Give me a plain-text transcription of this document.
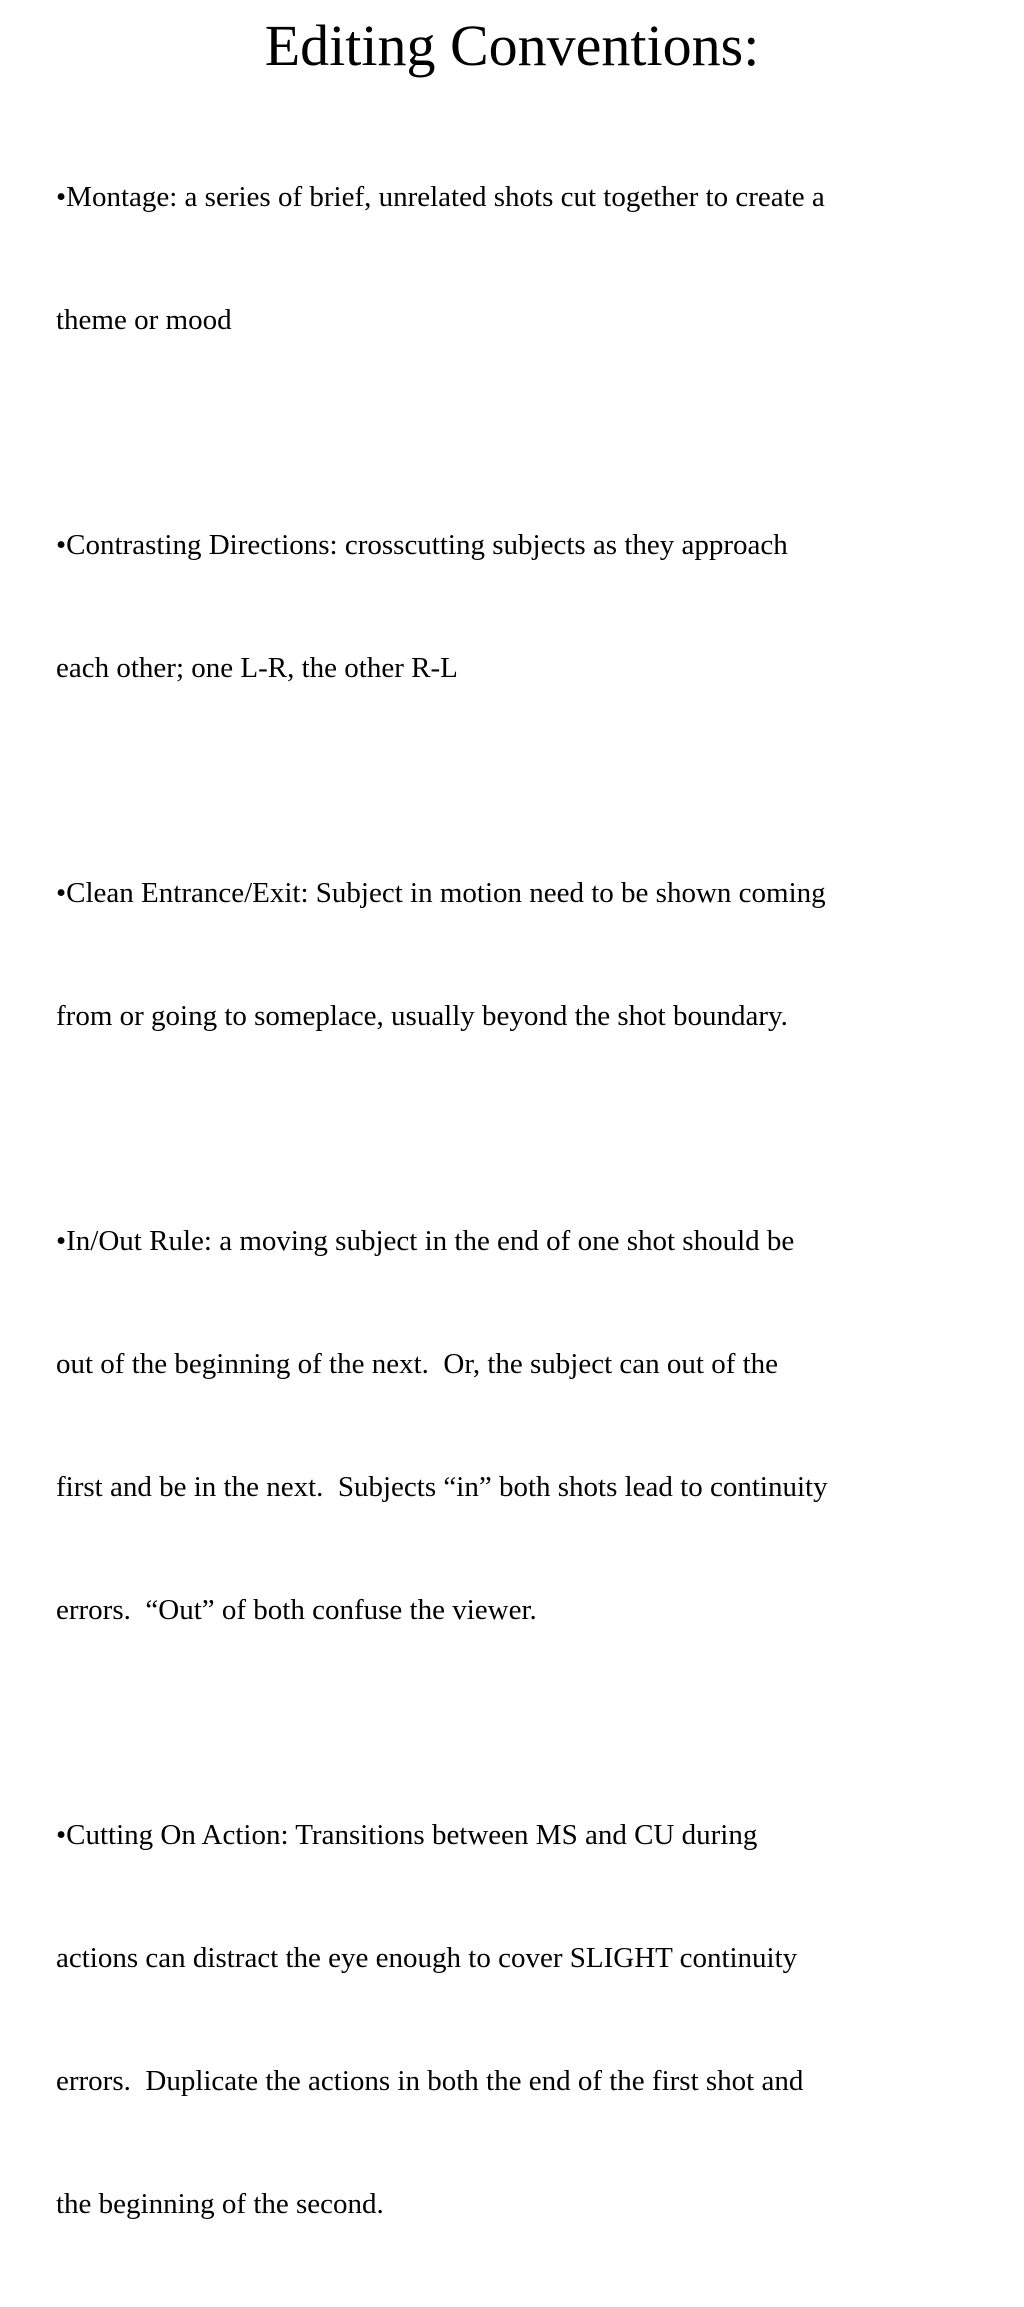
Editing Conventions:

•Montage: a series of brief, unrelated shots cut together to create a

theme or mood

•Contrasting Directions: crosscutting subjects as they approach

each other; one L-R, the other R-L

•Clean Entrance/Exit: Subject in motion need to be shown coming

from or going to someplace, usually beyond the shot boundary.

•In/Out Rule: a moving subject in the end of one shot should be

out of the beginning of the next.  Or, the subject can out of the

first and be in the next.  Subjects “in” both shots lead to continuity

errors.  “Out” of both confuse the viewer.

•Cutting On Action: Transitions between MS and CU during

actions can distract the eye enough to cover SLIGHT continuity

errors.  Duplicate the actions in both the end of the first shot and

the beginning of the second.
